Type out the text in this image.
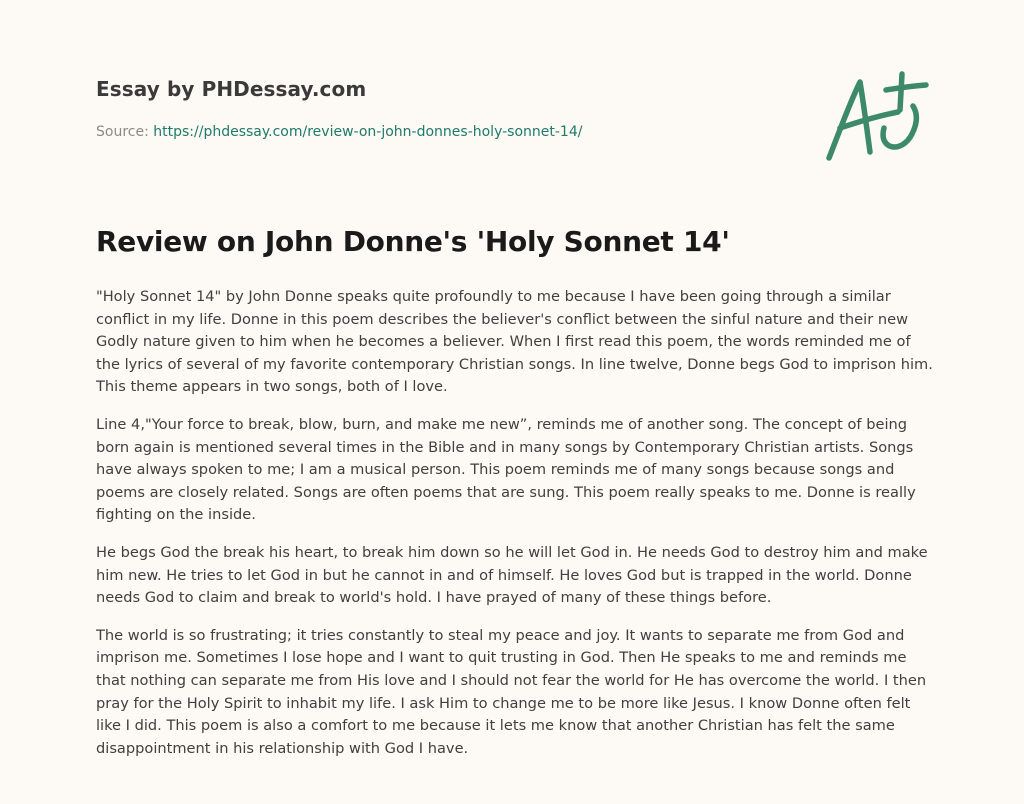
Essay by PHDessay.com
Source: https://phdessay.com/review-on-john-donnes-holy-sonnet-14/
Review on John Donne's 'Holy Sonnet 14'

"Holy Sonnet 14" by John Donne speaks quite profoundly to me because I have been going through a similar conflict in my life. Donne in this poem describes the believer's conflict between the sinful nature and their new Godly nature given to him when he becomes a believer. When I first read this poem, the words reminded me of the lyrics of several of my favorite contemporary Christian songs. In line twelve, Donne begs God to imprison him. This theme appears in two songs, both of I love.

Line 4,"Your force to break, blow, burn, and make me new”, reminds me of another song. The concept of being born again is mentioned several times in the Bible and in many songs by Contemporary Christian artists. Songs have always spoken to me; I am a musical person. This poem reminds me of many songs because songs and poems are closely related. Songs are often poems that are sung. This poem really speaks to me. Donne is really fighting on the inside.

He begs God the break his heart, to break him down so he will let God in. He needs God to destroy him and make him new. He tries to let God in but he cannot in and of himself. He loves God but is trapped in the world. Donne needs God to claim and break to world's hold. I have prayed of many of these things before.

The world is so frustrating; it tries constantly to steal my peace and joy. It wants to separate me from God and imprison me. Sometimes I lose hope and I want to quit trusting in God. Then He speaks to me and reminds me that nothing can separate me from His love and I should not fear the world for He has overcome the world. I then pray for the Holy Spirit to inhabit my life. I ask Him to change me to be more like Jesus. I know Donne often felt like I did. This poem is also a comfort to me because it lets me know that another Christian has felt the same disappointment in his relationship with God I have.
